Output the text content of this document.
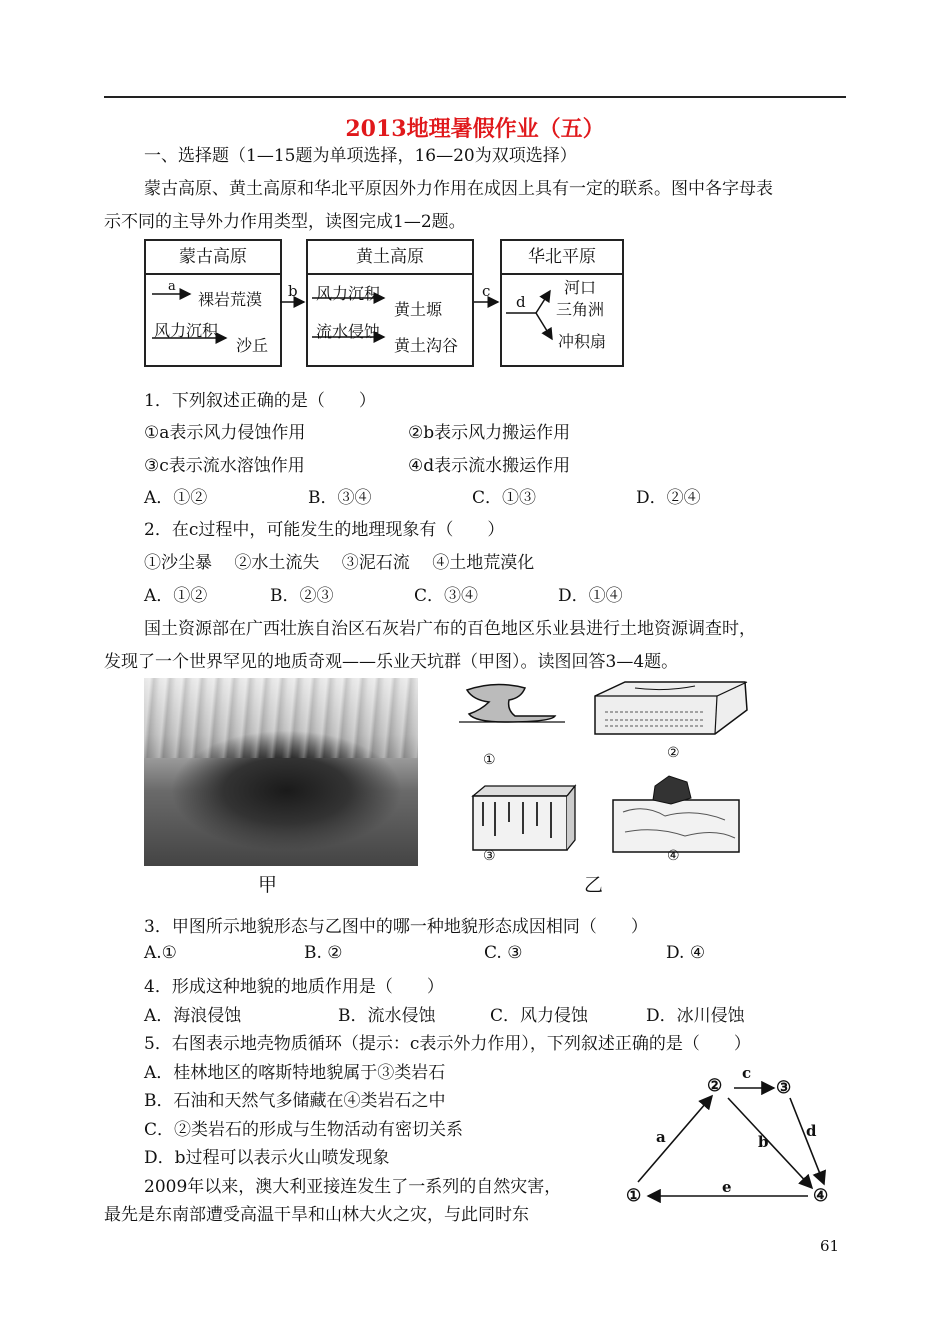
2013地理暑假作业（五）
一、选择题（1—15题为单项选择，16—20为双项选择）
蒙古高原、黄土高原和华北平原因外力作用在成因上具有一定的联系。图中各字母表
示不同的主导外力作用类型，读图完成1—2题。
蒙古高原
a
裸岩荒漠
风力沉积
沙丘
b
黄土高原
风力沉积
黄土塬
流水侵蚀
黄土沟谷
c
华北平原
d
河口
三角洲
冲积扇
1．下列叙述正确的是（　　）
①a表示风力侵蚀作用	②b表示风力搬运作用
③c表示流水溶蚀作用	④d表示流水搬运作用
A．①②	B．③④	C．①③	D．②④
2．在c过程中，可能发生的地理现象有（　　）
①沙尘暴　 ②水土流失　 ③泥石流　 ④土地荒漠化
A．①②	B．②③	C．③④	D．①④
国土资源部在广西壮族自治区石灰岩广布的百色地区乐业县进行土地资源调查时，
发现了一个世界罕见的地质奇观——乐业天坑群（甲图）。读图回答3—4题。
甲
①	②
③	④
乙
3．甲图所示地貌形态与乙图中的哪一种地貌形态成因相同（　　）
A.①	B. ②	C. ③	D. ④
4．形成这种地貌的地质作用是（　　）
A．海浪侵蚀	B．流水侵蚀	C．风力侵蚀	D．冰川侵蚀
5．右图表示地壳物质循环（提示：c表示外力作用），下列叙述正确的是（　　）
A．桂林地区的喀斯特地貌属于③类岩石
B．石油和天然气多储藏在④类岩石之中
C．②类岩石的形成与生物活动有密切关系
D．b过程可以表示火山喷发现象
①
②	③
④
a	b
c
d
e
2009年以来，澳大利亚接连发生了一系列的自然灾害，
最先是东南部遭受高温干旱和山林大火之灾，与此同时东
61
